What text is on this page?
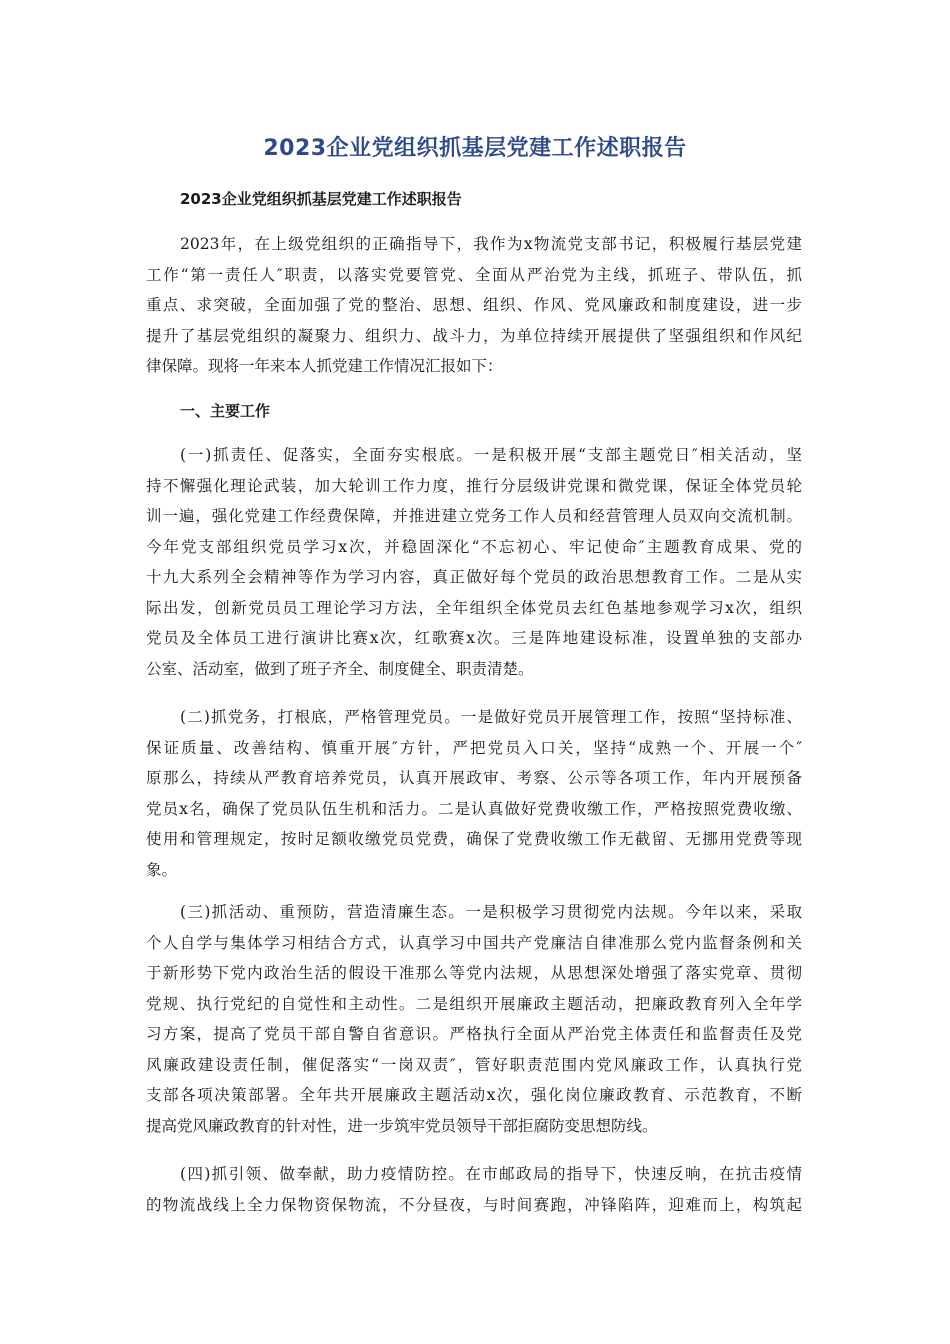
2023企业党组织抓基层党建工作述职报告

2023企业党组织抓基层党建工作述职报告

2023年，在上级党组织的正确指导下，我作为x物流党支部书记，积极履行基层党建
工作“第一责任人″职责，以落实党要管党、全面从严治党为主线，抓班子、带队伍，抓
重点、求突破，全面加强了党的整治、思想、组织、作风、党风廉政和制度建设，进一步
提升了基层党组织的凝聚力、组织力、战斗力，为单位持续开展提供了坚强组织和作风纪
律保障。现将一年来本人抓党建工作情况汇报如下：

一、主要工作

(一)抓责任、促落实，全面夯实根底。一是积极开展“支部主题党日″相关活动，坚
持不懈强化理论武装，加大轮训工作力度，推行分层级讲党课和微党课，保证全体党员轮
训一遍，强化党建工作经费保障，并推进建立党务工作人员和经营管理人员双向交流机制。
今年党支部组织党员学习x次，并稳固深化“不忘初心、牢记使命″主题教育成果、党的
十九大系列全会精神等作为学习内容，真正做好每个党员的政治思想教育工作。二是从实
际出发，创新党员员工理论学习方法，全年组织全体党员去红色基地参观学习x次，组织
党员及全体员工进行演讲比赛x次，红歌赛x次。三是阵地建设标准，设置单独的支部办
公室、活动室，做到了班子齐全、制度健全、职责清楚。
(二)抓党务，打根底，严格管理党员。一是做好党员开展管理工作，按照“坚持标准、
保证质量、改善结构、慎重开展″方针，严把党员入口关，坚持“成熟一个、开展一个″
原那么，持续从严教育培养党员，认真开展政审、考察、公示等各项工作，年内开展预备
党员x名，确保了党员队伍生机和活力。二是认真做好党费收缴工作，严格按照党费收缴、
使用和管理规定，按时足额收缴党员党费，确保了党费收缴工作无截留、无挪用党费等现
象。
(三)抓活动、重预防，营造清廉生态。一是积极学习贯彻党内法规。今年以来，采取
个人自学与集体学习相结合方式，认真学习中国共产党廉洁自律准那么党内监督条例和关
于新形势下党内政治生活的假设干准那么等党内法规，从思想深处增强了落实党章、贯彻
党规、执行党纪的自觉性和主动性。二是组织开展廉政主题活动，把廉政教育列入全年学
习方案，提高了党员干部自警自省意识。严格执行全面从严治党主体责任和监督责任及党
风廉政建设责任制，催促落实“一岗双责″，管好职责范围内党风廉政工作，认真执行党
支部各项决策部署。全年共开展廉政主题活动x次，强化岗位廉政教育、示范教育，不断
提高党风廉政教育的针对性，进一步筑牢党员领导干部拒腐防变思想防线。
(四)抓引领、做奉献，助力疫情防控。在市邮政局的指导下，快速反响，在抗击疫情
的物流战线上全力保物资保物流，不分昼夜，与时间赛跑，冲锋陷阵，迎难而上，构筑起
